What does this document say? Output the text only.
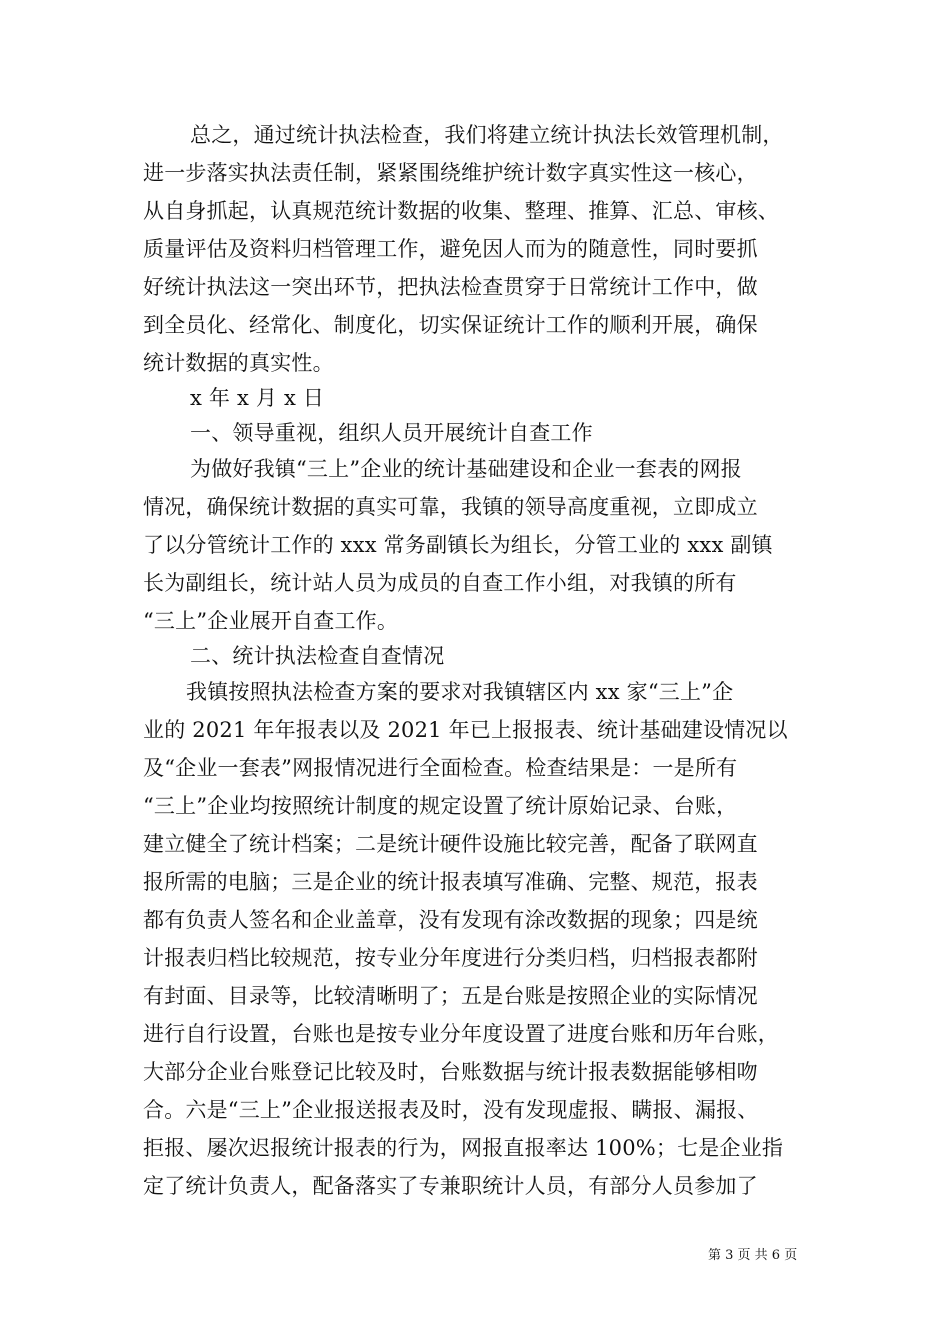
总之，通过统计执法检查，我们将建立统计执法长效管理机制，
进一步落实执法责任制，紧紧围绕维护统计数字真实性这一核心，
从自身抓起，认真规范统计数据的收集、整理、推算、汇总、审核、
质量评估及资料归档管理工作，避免因人而为的随意性，同时要抓
好统计执法这一突出环节，把执法检查贯穿于日常统计工作中，做
到全员化、经常化、制度化，切实保证统计工作的顺利开展，确保
统计数据的真实性。
x 年 x 月 x 日
一、领导重视，组织人员开展统计自查工作
为做好我镇“三上”企业的统计基础建设和企业一套表的网报
情况，确保统计数据的真实可靠，我镇的领导高度重视，立即成立
了以分管统计工作的 xxx 常务副镇长为组长，分管工业的 xxx 副镇
长为副组长，统计站人员为成员的自查工作小组，对我镇的所有
“三上”企业展开自查工作。
二、统计执法检查自查情况
我镇按照执法检查方案的要求对我镇辖区内 xx 家“三上”企
业的 2021 年年报表以及 2021 年已上报报表、统计基础建设情况以
及“企业一套表”网报情况进行全面检查。检查结果是：一是所有
“三上”企业均按照统计制度的规定设置了统计原始记录、台账，
建立健全了统计档案；二是统计硬件设施比较完善，配备了联网直
报所需的电脑；三是企业的统计报表填写准确、完整、规范，报表
都有负责人签名和企业盖章，没有发现有涂改数据的现象；四是统
计报表归档比较规范，按专业分年度进行分类归档，归档报表都附
有封面、目录等，比较清晰明了；五是台账是按照企业的实际情况
进行自行设置，台账也是按专业分年度设置了进度台账和历年台账，
大部分企业台账登记比较及时，台账数据与统计报表数据能够相吻
合。六是“三上”企业报送报表及时，没有发现虚报、瞒报、漏报、
拒报、屡次迟报统计报表的行为，网报直报率达 100%；七是企业指
定了统计负责人，配备落实了专兼职统计人员，有部分人员参加了
第 3 页 共 6 页
